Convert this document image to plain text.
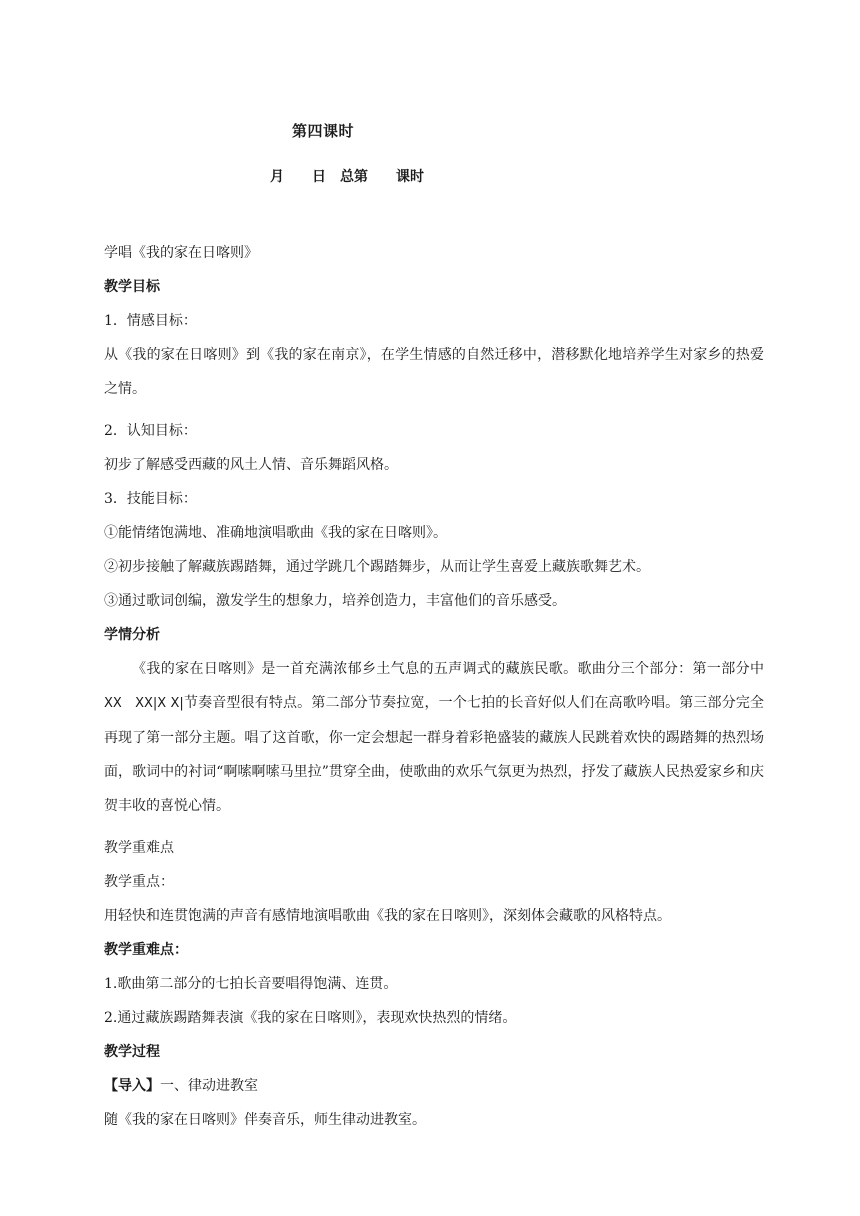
第四课时
月　　日　总第　　课时

学唱《我的家在日喀则》

教学目标

1．情感目标：

从《我的家在日喀则》到《我的家在南京》，在学生情感的自然迁移中，潜移默化地培养学生对家乡的热爱之情。

2．认知目标：

初步了解感受西藏的风土人情、音乐舞蹈风格。

3．技能目标：

①能情绪饱满地、准确地演唱歌曲《我的家在日喀则》。

②初步接触了解藏族踢踏舞，通过学跳几个踢踏舞步，从而让学生喜爱上藏族歌舞艺术。

③通过歌词创编，激发学生的想象力，培养创造力，丰富他们的音乐感受。

学情分析

《我的家在日喀则》是一首充满浓郁乡土气息的五声调式的藏族民歌。歌曲分三个部分：第一部分中XX　XX|X X|节奏音型很有特点。第二部分节奏拉宽，一个七拍的长音好似人们在高歌吟唱。第三部分完全再现了第一部分主题。唱了这首歌，你一定会想起一群身着彩艳盛装的藏族人民跳着欢快的踢踏舞的热烈场面，歌词中的衬词“啊嗦啊嗦马里拉”贯穿全曲，使歌曲的欢乐气氛更为热烈，抒发了藏族人民热爱家乡和庆贺丰收的喜悦心情。

教学重难点

教学重点：

用轻快和连贯饱满的声音有感情地演唱歌曲《我的家在日喀则》，深刻体会藏歌的风格特点。

教学重难点：

1.歌曲第二部分的七拍长音要唱得饱满、连贯。

2.通过藏族踢踏舞表演《我的家在日喀则》，表现欢快热烈的情绪。

教学过程

【导入】一、律动进教室

随《我的家在日喀则》伴奏音乐，师生律动进教室。
